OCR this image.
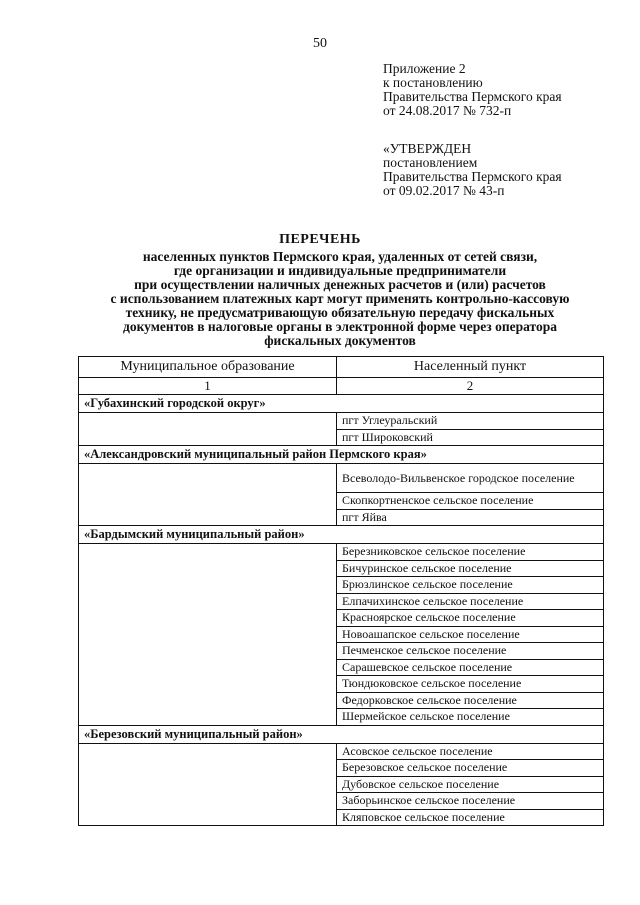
50
Приложение 2
к постановлению
Правительства Пермского края
от 24.08.2017 № 732-п
«УТВЕРЖДЕН
постановлением
Правительства Пермского края
от 09.02.2017 № 43-п
ПЕРЕЧЕНЬ
населенных пунктов Пермского края, удаленных от сетей связи,
где организации и индивидуальные предприниматели
при осуществлении наличных денежных расчетов и (или) расчетов
с использованием платежных карт могут применять контрольно-кассовую
технику, не предусматривающую обязательную передачу фискальных
документов в налоговые органы в электронной форме через оператора
фискальных документов
Муниципальное образование	Населенный пункт
1	2
«Губахинский городской округ»	
	пгт Углеуральский
	пгт Широковский
«Александровский муниципальный район Пермского края»	
	Всеволодо-Вильвенское городское поселение
	Скопкортненское сельское поселение
	пгт Яйва
«Бардымский муниципальный район»	
	Березниковское сельское поселение
	Бичуринское сельское поселение
	Брюзлинское сельское поселение
	Елпачихинское сельское поселение
	Красноярское сельское поселение
	Новоашапское сельское поселение
	Печменское сельское поселение
	Сарашевское сельское поселение
	Тюндюковское сельское поселение
	Федорковское сельское поселение
	Шермейское сельское поселение
«Березовский муниципальный район»	
	Асовское сельское поселение
	Березовское сельское поселение
	Дубовское сельское поселение
	Заборьинское сельское поселение
	Кляповское сельское поселение
